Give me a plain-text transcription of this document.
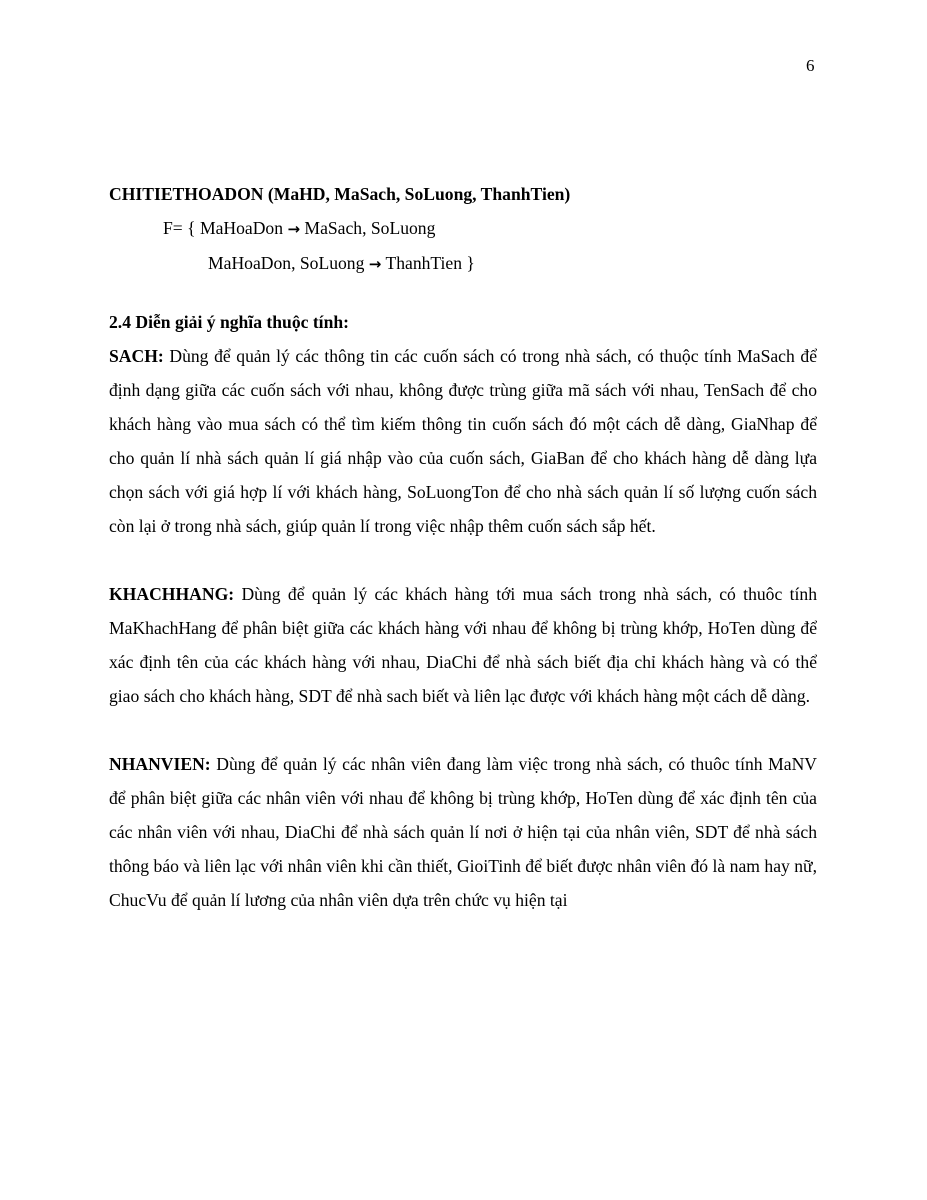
6
CHITIETHOADON (MaHD, MaSach, SoLuong, ThanhTien)
F= { MaHoaDon → MaSach, SoLuong
MaHoaDon, SoLuong → ThanhTien }
2.4 Diễn giải ý nghĩa thuộc tính:

SACH: Dùng để quản lý các thông tin các cuốn sách có trong nhà sách, có thuộc tính MaSach để định dạng giữa các cuốn sách với nhau, không được trùng giữa mã sách với nhau, TenSach để cho khách hàng vào mua sách có thể tìm kiếm thông tin cuốn sách đó một cách dễ dàng, GiaNhap để cho quản lí nhà sách quản lí giá nhập vào của cuốn sách, GiaBan để cho khách hàng dễ dàng lựa chọn sách với giá hợp lí với khách hàng, SoLuongTon để cho nhà sách quản lí số lượng cuốn sách còn lại ở trong nhà sách, giúp quản lí trong việc nhập thêm cuốn sách sắp hết.

KHACHHANG: Dùng để quản lý các khách hàng tới mua sách trong nhà sách, có thuôc tính MaKhachHang để phân biệt giữa các khách hàng với nhau để không bị trùng khớp, HoTen dùng để xác định tên của các khách hàng với nhau, DiaChi để nhà sách biết địa chỉ khách hàng và có thể giao sách cho khách hàng, SDT để nhà sach biết và liên lạc được với khách hàng một cách dễ dàng.

NHANVIEN: Dùng để quản lý các nhân viên đang làm việc trong nhà sách, có thuôc tính MaNV để phân biệt giữa các nhân viên với nhau để không bị trùng khớp, HoTen dùng để xác định tên của các nhân viên với nhau, DiaChi để nhà sách quản lí nơi ở hiện tại của nhân viên, SDT để nhà sách thông báo và liên lạc với nhân viên khi cần thiết, GioiTinh để biết được nhân viên đó là nam hay nữ, ChucVu để quản lí lương của nhân viên dựa trên chức vụ hiện tại
